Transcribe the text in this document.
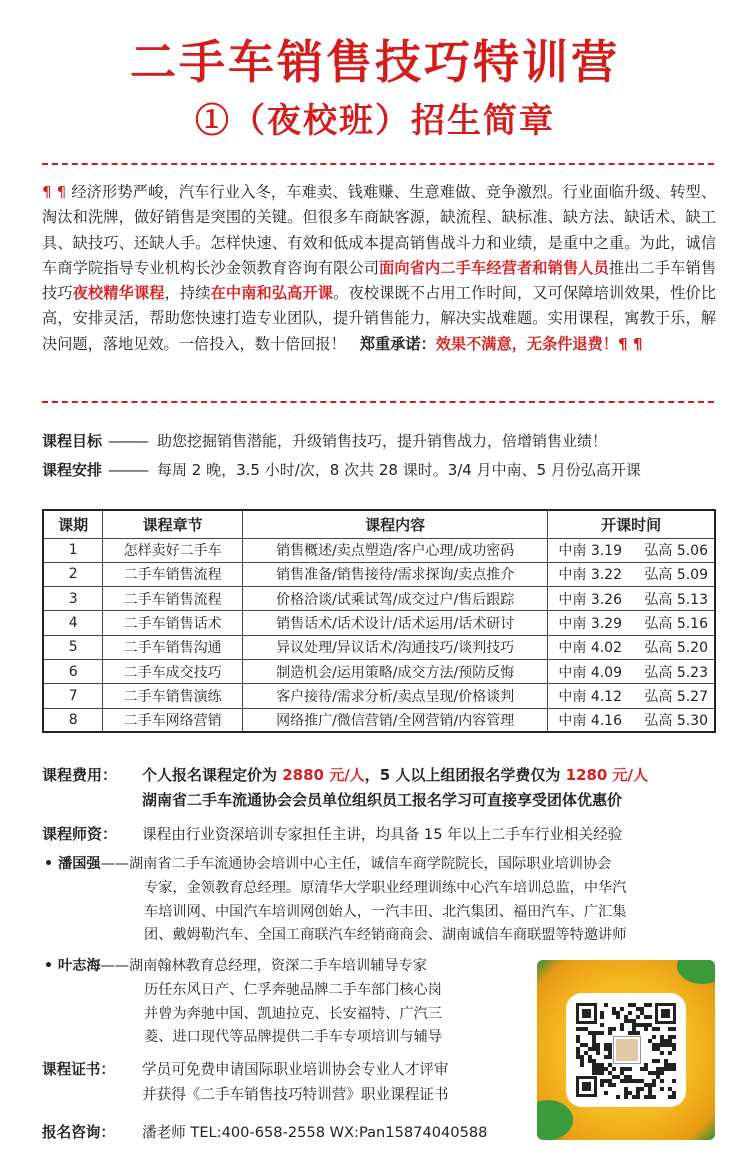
二手车销售技巧特训营
①（夜校班）招生简章
¶ ¶ 经济形势严峻，汽车行业入冬，车难卖、钱难赚、生意难做、竞争激烈。行业面临升级、转型、淘汰和洗牌，做好销售是突围的关键。但很多车商缺客源，缺流程、缺标准、缺方法、缺话术、缺工具、缺技巧、还缺人手。怎样快速、有效和低成本提高销售战斗力和业绩，是重中之重。为此，诚信车商学院指导专业机构长沙金领教育咨询有限公司面向省内二手车经营者和销售人员推出二手车销售技巧夜校精华课程，持续在中南和弘高开课。夜校课既不占用工作时间，又可保障培训效果，性价比高，安排灵活，帮助您快速打造专业团队，提升销售能力，解决实战难题。实用课程，寓教于乐，解决问题，落地见效。一倍投入，数十倍回报！ 郑重承诺：效果不满意，无条件退费！¶ ¶
课程目标 ——— 助您挖掘销售潜能，升级销售技巧，提升销售战力，倍增销售业绩！
课程安排 ——— 每周 2 晚，3.5 小时/次，8 次共 28 课时。3/4 月中南、5 月份弘高开课
课期	课程章节	课程内容	开课时间
1	怎样卖好二手车	销售概述/卖点塑造/客户心理/成功密码	中南 3.19 弘高 5.06
2	二手车销售流程	销售准备/销售接待/需求探询/卖点推介	中南 3.22 弘高 5.09
3	二手车销售流程	价格洽谈/试乘试驾/成交过户/售后跟踪	中南 3.26 弘高 5.13
4	二手车销售话术	销售话术/话术设计/话术运用/话术研讨	中南 3.29 弘高 5.16
5	二手车销售沟通	异议处理/异议话术/沟通技巧/谈判技巧	中南 4.02 弘高 5.20
6	二手车成交技巧	制造机会/运用策略/成交方法/预防反悔	中南 4.09 弘高 5.23
7	二手车销售演练	客户接待/需求分析/卖点呈现/价格谈判	中南 4.12 弘高 5.27
8	二手车网络营销	网络推广/微信营销/全网营销/内容管理	中南 4.16 弘高 5.30
课程费用： 个人报名课程定价为 2880 元/人，5 人以上组团报名学费仅为 1280 元/人
湖南省二手车流通协会会员单位组织员工报名学习可直接享受团体优惠价
课程师资： 课程由行业资深培训专家担任主讲，均具备 15 年以上二手车行业相关经验
• 潘国强——湖南省二手车流通协会培训中心主任，诚信车商学院院长，国际职业培训协会
专家，金领教育总经理。原清华大学职业经理训练中心汽车培训总监，中华汽
车培训网、中国汽车培训网创始人，一汽丰田、北汽集团、福田汽车、广汇集
团、戴姆勒汽车、全国工商联汽车经销商商会、湖南诚信车商联盟等特邀讲师
• 叶志海——湖南翰林教育总经理，资深二手车培训辅导专家
历任东风日产、仁孚奔驰品牌二手车部门核心岗
并曾为奔驰中国、凯迪拉克、长安福特、广汽三
菱、进口现代等品牌提供二手车专项培训与辅导
课程证书： 学员可免费申请国际职业培训协会专业人才评审
并获得《二手车销售技巧特训营》职业课程证书
报名咨询： 潘老师 TEL:400-658-2558 WX:Pan15874040588
